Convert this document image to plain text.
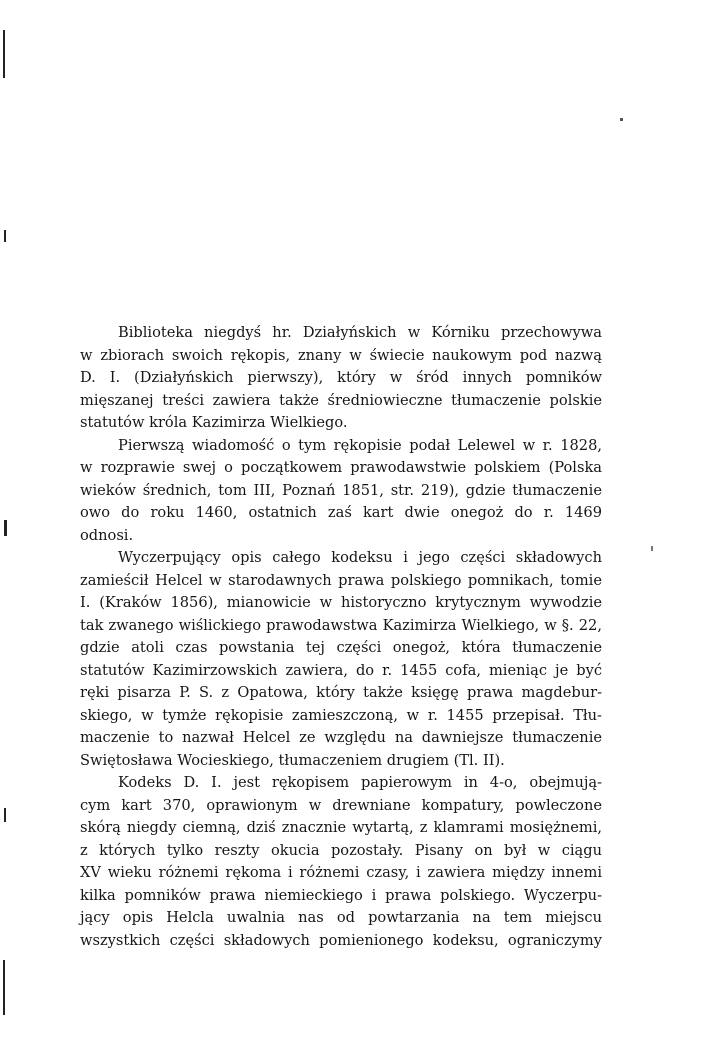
Biblioteka niegdyś hr. Działyńskich w Kórniku przechowywa
w zbiorach swoich rękopis, znany w świecie naukowym pod nazwą
D. I. (Działyńskich pierwszy), który w śród innych pomników
mięszanej treści zawiera także średniowieczne tłumaczenie polskie
statutów króla Kazimirza Wielkiego.
Pierwszą wiadomość o tym rękopisie podał Lelewel w r. 1828,
w rozprawie swej o początkowem prawodawstwie polskiem (Polska
wieków średnich, tom III, Poznań 1851, str. 219), gdzie tłumaczenie
owo do roku 1460, ostatnich zaś kart dwie onegoż do r. 1469
odnosi.
Wyczerpujący opis całego kodeksu i jego części składowych
zamieścił Helcel w starodawnych prawa polskiego pomnikach, tomie
I. (Kraków 1856), mianowicie w historyczno krytycznym wywodzie
tak zwanego wiślickiego prawodawstwa Kazimirza Wielkiego, w §. 22,
gdzie atoli czas powstania tej części onegoż, która tłumaczenie
statutów Kazimirzowskich zawiera, do r. 1455 cofa, mieniąc je być
ręki pisarza P. S. z Opatowa, który także księgę prawa magdebur-
skiego, w tymże rękopisie zamieszczoną, w r. 1455 przepisał. Tłu-
maczenie to nazwał Helcel ze względu na dawniejsze tłumaczenie
Swiętosława Wocieskiego, tłumaczeniem drugiem (Tl. II).
Kodeks D. I. jest rękopisem papierowym in 4-o, obejmują-
cym kart 370, oprawionym w drewniane kompatury, powleczone
skórą niegdy ciemną, dziś znacznie wytartą, z klamrami mosiężnemi,
z których tylko reszty okucia pozostały. Pisany on był w ciągu
XV wieku różnemi rękoma i różnemi czasy, i zawiera między innemi
kilka pomników prawa niemieckiego i prawa polskiego. Wyczerpu-
jący opis Helcla uwalnia nas od powtarzania na tem miejscu
wszystkich części składowych pomienionego kodeksu, ograniczymy
